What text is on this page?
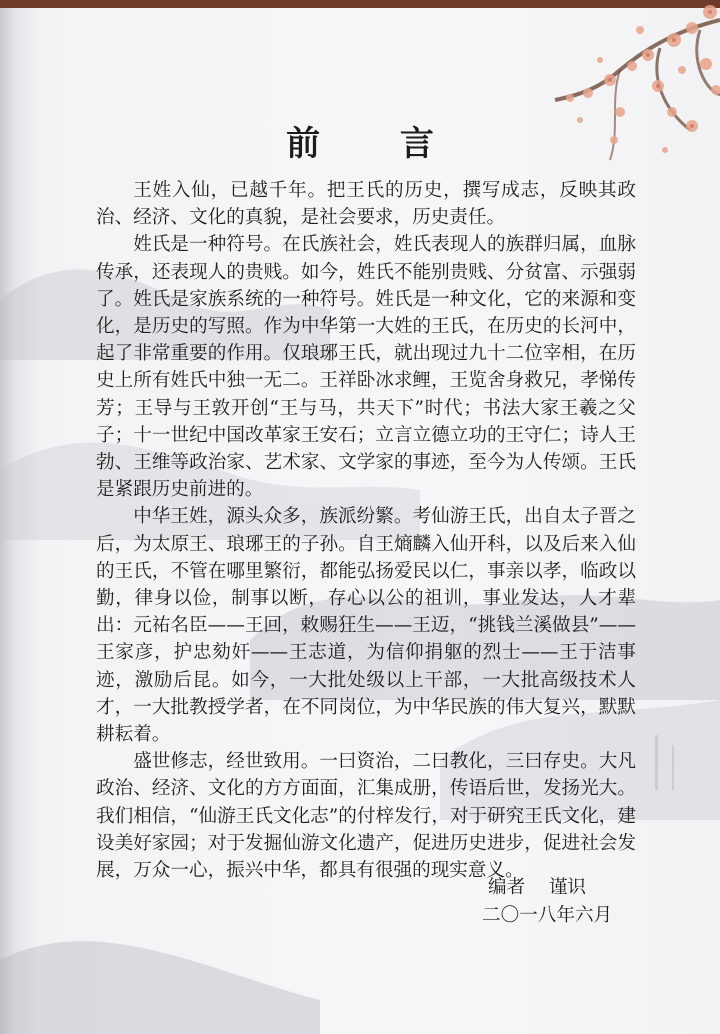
前 言

王姓入仙，已越千年。把王氏的历史，撰写成志，反映其政治、经济、文化的真貌，是社会要求，历史责任。

姓氏是一种符号。在氏族社会，姓氏表现人的族群归属，血脉传承，还表现人的贵贱。如今，姓氏不能别贵贱、分贫富、示强弱了。姓氏是家族系统的一种符号。姓氏是一种文化，它的来源和变化，是历史的写照。作为中华第一大姓的王氏，在历史的长河中，起了非常重要的作用。仅琅琊王氏，就出现过九十二位宰相，在历史上所有姓氏中独一无二。王祥卧冰求鲤，王览舍身救兄，孝悌传芳；王导与王敦开创“王与马，共天下”时代；书法大家王羲之父子；十一世纪中国改革家王安石；立言立德立功的王守仁；诗人王勃、王维等政治家、艺术家、文学家的事迹，至今为人传颂。王氏是紧跟历史前进的。

中华王姓，源头众多，族派纷繁。考仙游王氏，出自太子晋之后，为太原王、琅琊王的子孙。自王熵麟入仙开科，以及后来入仙的王氏，不管在哪里繁衍，都能弘扬爱民以仁，事亲以孝，临政以勤，律身以俭，制事以断，存心以公的祖训，事业发达，人才辈出：元祐名臣——王回，敕赐狂生——王迈，“挑钱兰溪做县”——王家彦，护忠劾奸——王志道，为信仰捐躯的烈士——王于洁事迹，激励后昆。如今，一大批处级以上干部，一大批高级技术人才，一大批教授学者，在不同岗位，为中华民族的伟大复兴，默默耕耘着。

盛世修志，经世致用。一曰资治，二曰教化，三曰存史。大凡政治、经济、文化的方方面面，汇集成册，传语后世，发扬光大。我们相信，“仙游王氏文化志”的付梓发行，对于研究王氏文化，建设美好家园；对于发掘仙游文化遗产，促进历史进步，促进社会发展，万众一心，振兴中华，都具有很强的现实意义。

编者    谨识
二〇一八年六月
